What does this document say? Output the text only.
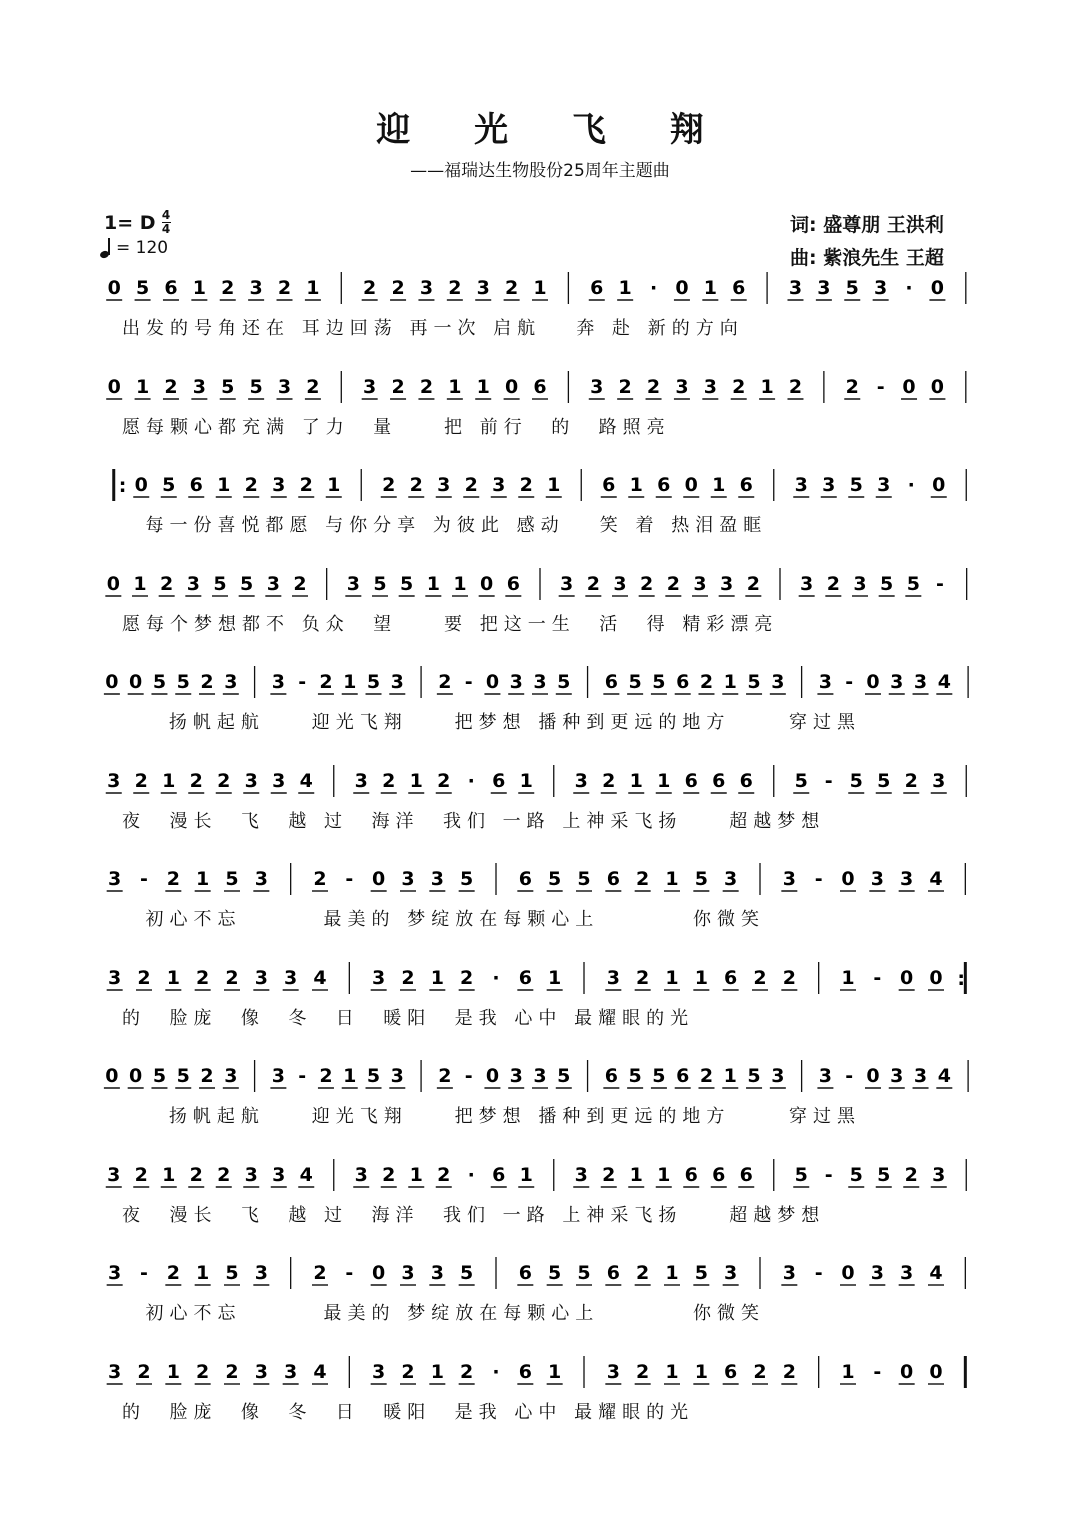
迎 光 飞 翔
——福瑞达生物股份25周年主题曲
1= D $\frac{4}{4}$
= 120
词: 盛尊朋 王洪利
曲: 紫浪先生 王超
0 5 6 1 2 3 2 1 2 2 3 2 3 2 1 6 1 · 0 1 6 3 3 5 3 · 0
出发的号角还在 耳边回荡 再一次 启航   奔 赴 新的方向
0 1 2 3 5 5 3 2 3 2 2 1 1 0 6 3 2 2 3 3 2 1 2 2 - 0 0
愿每颗心都充满 了力  量    把 前行  的  路照亮
: 0 5 6 1 2 3 2 1 2 2 3 2 3 2 1 6 1 6 0 1 6 3 3 5 3 · 0
每一份喜悦都愿 与你分享 为彼此 感动   笑 着 热泪盈眶
0 1 2 3 5 5 3 2 3 5 5 1 1 0 6 3 2 3 2 2 3 3 2 3 2 3 5 5 -
愿每个梦想都不 负众  望    要 把这一生  活  得 精彩漂亮
0 0 5 5 2 3 3 - 2 1 5 3 2 - 0 3 3 5 6 5 5 6 2 1 5 3 3 - 0 3 3 4
扬帆起航    迎光飞翔    把梦想 播种到更远的地方     穿过黑
3 2 1 2 2 3 3 4 3 2 1 2 · 6 1 3 2 1 1 6 6 6 5 - 5 5 2 3
夜  漫长  飞  越 过  海洋  我们 一路 上神采飞扬    超越梦想
3 - 2 1 5 3 2 - 0 3 3 5 6 5 5 6 2 1 5 3 3 - 0 3 3 4
初心不忘       最美的 梦绽放在每颗心上        你微笑
3 2 1 2 2 3 3 4 3 2 1 2 · 6 1 3 2 1 1 6 2 2 1 - 0 0 :
的  脸庞  像  冬  日  暖阳  是我 心中 最耀眼的光
0 0 5 5 2 3 3 - 2 1 5 3 2 - 0 3 3 5 6 5 5 6 2 1 5 3 3 - 0 3 3 4
扬帆起航    迎光飞翔    把梦想 播种到更远的地方     穿过黑
3 2 1 2 2 3 3 4 3 2 1 2 · 6 1 3 2 1 1 6 6 6 5 - 5 5 2 3
夜  漫长  飞  越 过  海洋  我们 一路 上神采飞扬    超越梦想
3 - 2 1 5 3 2 - 0 3 3 5 6 5 5 6 2 1 5 3 3 - 0 3 3 4
初心不忘       最美的 梦绽放在每颗心上        你微笑
3 2 1 2 2 3 3 4 3 2 1 2 · 6 1 3 2 1 1 6 2 2 1 - 0 0
的  脸庞  像  冬  日  暖阳  是我 心中 最耀眼的光
